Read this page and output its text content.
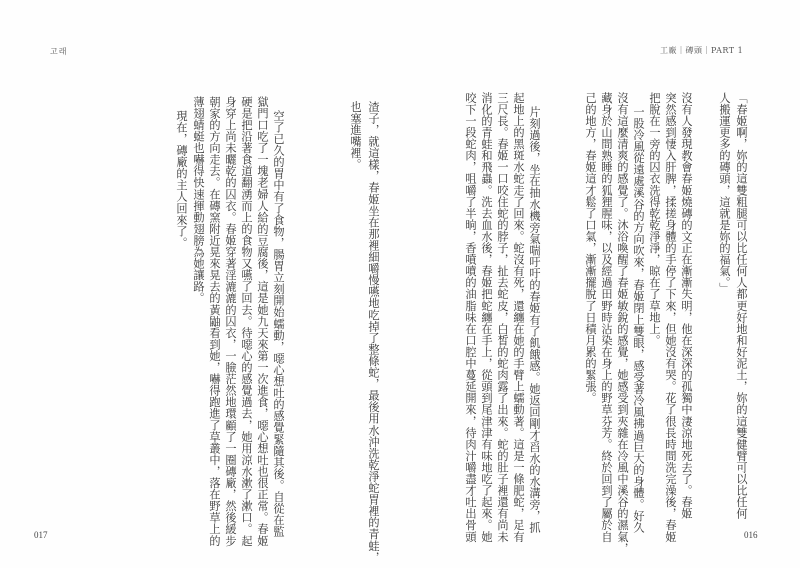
고래
渣子，就這樣，春姬坐在那裡細嚼慢嚥地吃掉了整條蛇，最後用水沖洗乾淨蛇胃裡的青蛙，
也塞進嘴裡。
空了已久的胃中有了食物，腸胃立刻開始蠕動，噁心想吐的感覺緊隨其後。自從在監
獄門口吃了一塊老婦人給的豆腐後，這是她九天來第一次進食，噁心想吐也很正常。春姬
硬是把沿著食道翻湧而上的食物又嚥了回去。待噁心的感覺過去，她用涼水漱了漱口。起
身穿上尚未曬乾的囚衣。春姬穿著淫漉漉的囚衣，一臉茫然地環顧了一圈磚廠，然後緩步
朝家的方向走去。在磚窯附近晃來晃去的黃鼬看到她，嚇得跑進了草叢中，落在野草上的
薄翅蜻蜓也嚇得快速揮動翅膀為她讓路。
現在，磚廠的主人回來了。
017
工廠｜磚頭｜PART 1
「春姬啊，妳的這雙粗腿可以比任何人都更好地和好泥土，妳的這雙健臂可以比任何
人搬運更多的磚頭，這就是妳的福氣。」
沒有人發現教會春姬燒磚的文正在漸漸失明，他在深深的孤獨中淒涼地死去了。春姬
突然感到悽入肝脾，揉搓身體的手停了下來，但她沒有哭。花了很長時間洗完澡後，春姬
把脫在一旁的囚衣洗得乾乾淨淨，晾在了草地上。
一股冷風從遠處溪谷的方向吹來，春姬閉上雙眼，感受著冷風拂過巨大的身體。好久
沒有這麼清爽的感覺了。沐浴喚醒了春姬敏銳的感覺，她感受到夾雜在冷風中溪谷的濕氣，
藏身於山間熟睡的狐狸腥味，以及經過田野時沾染在身上的野草芬芳。終於回到了屬於自
己的地方，春姬這才鬆了口氣，漸漸擺脫了日積月累的緊張。
片刻過後，坐在抽水機旁氣喘吁吁的春姬有了飢餓感。她返回剛才舀水的水溝旁，抓
起地上的黑斑水蛇走了回來。蛇沒有死，還纏在她的手臂上蠕動著。這是一條肥蛇，足有
三尺長。春姬一口咬住蛇的脖子，扯去蛇皮，白皙的蛇肉露了出來。蛇的肚子裡還有尚未
消化的青蛙和飛蟲。洗去血水後，春姬把蛇纏在手上，從頭到尾津津有味地吃了起來。她
咬下一段蛇肉，咀嚼了半晌，香噴噴的油脂味在口腔中蔓延開來，待肉汁嚼盡才吐出骨頭	016
